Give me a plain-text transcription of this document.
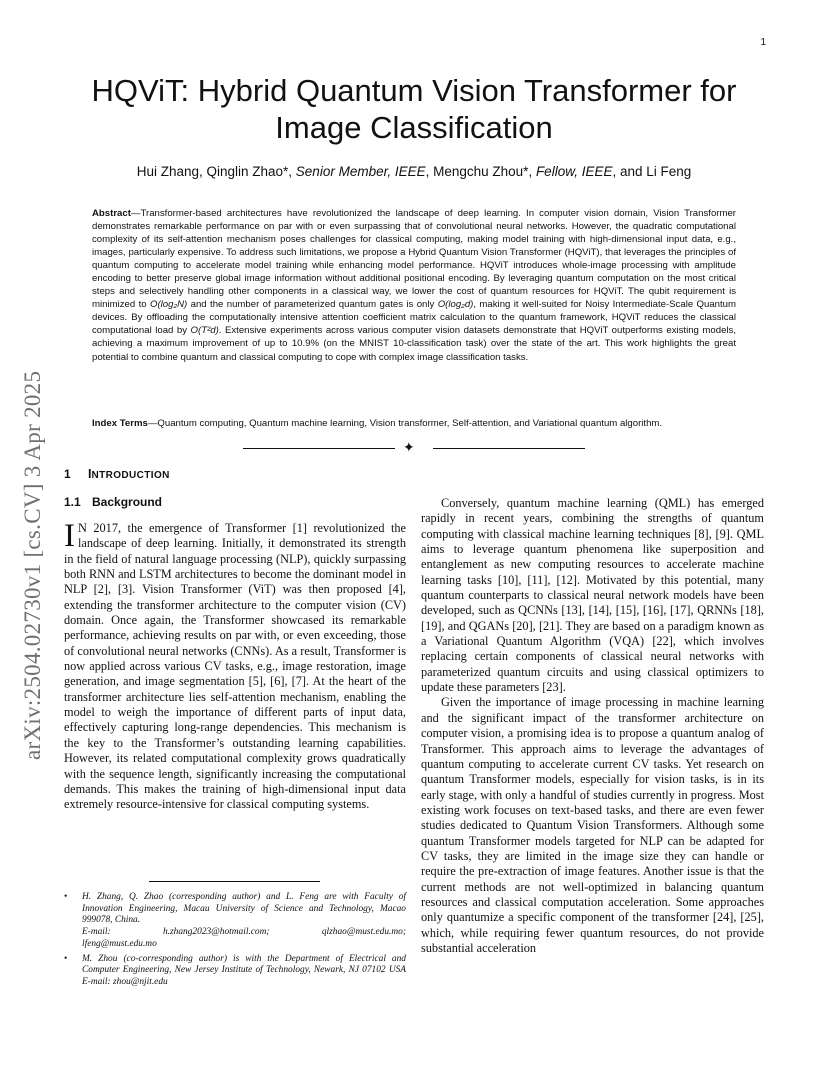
1
arXiv:2504.02730v1 [cs.CV] 3 Apr 2025
HQViT: Hybrid Quantum Vision Transformer for
Image Classification
Hui Zhang, Qinglin Zhao*, Senior Member, IEEE, Mengchu Zhou*, Fellow, IEEE, and Li Feng

Abstract—Transformer-based architectures have revolutionized the landscape of deep learning. In computer vision domain, Vision Transformer demonstrates remarkable performance on par with or even surpassing that of convolutional neural networks. However, the quadratic computational complexity of its self-attention mechanism poses challenges for classical computing, making model training with high-dimensional input data, e.g., images, particularly expensive. To address such limitations, we propose a Hybrid Quantum Vision Transformer (HQViT), that leverages the principles of quantum computing to accelerate model training while enhancing model performance. HQViT introduces whole-image processing with amplitude encoding to better preserve global image information without additional positional encoding. By leveraging quantum computation on the most critical steps and selectively handling other components in a classical way, we lower the cost of quantum resources for HQViT. The qubit requirement is minimized to O(log₂N) and the number of parameterized quantum gates is only O(log₂d), making it well-suited for Noisy Intermediate-Scale Quantum devices. By offloading the computationally intensive attention coefficient matrix calculation to the quantum framework, HQViT reduces the classical computational load by O(T²d). Extensive experiments across various computer vision datasets demonstrate that HQViT outperforms existing models, achieving a maximum improvement of up to 10.9% (on the MNIST 10-classification task) over the state of the art. This work highlights the great potential to combine quantum and classical computing to cope with complex image classification tasks.

Index Terms—Quantum computing, Quantum machine learning, Vision transformer, Self-attention, and Variational quantum algorithm.

✦
1 INTRODUCTION
1.1 Background

I N 2017, the emergence of Transformer [1] revolutionized the landscape of deep learning. Initially, it demonstrated its strength in the field of natural language processing (NLP), quickly surpassing both RNN and LSTM architectures to become the dominant model in NLP [2], [3]. Vision Transformer (ViT) was then proposed [4], extending the transformer architecture to the computer vision (CV) domain. Once again, the Transformer showcased its remarkable performance, achieving results on par with, or even exceeding, those of convolutional neural networks (CNNs). As a result, Transformer is now applied across various CV tasks, e.g., image restoration, image generation, and image segmentation [5], [6], [7]. At the heart of the transformer architecture lies self-attention mechanism, enabling the model to weigh the importance of different parts of input data, effectively capturing long-range dependencies. This mechanism is the key to the Transformer’s outstanding learning capabilities. However, its related computational complexity grows quadratically with the sequence length, significantly increasing the computational demands. This makes the training of high-dimensional input data extremely resource-intensive for classical computing systems.

• H. Zhang, Q. Zhao (corresponding author) and L. Feng are with Faculty of Innovation Engineering, Macau University of Science and Technology, Macao 999078, China.
E-mail:	h.zhang2023@hotmail.com;	qlzhao@must.edu.mo;
lfeng@must.edu.mo
• M. Zhou (co-corresponding author) is with the Department of Electrical and Computer Engineering, New Jersey Institute of Technology, Newark, NJ 07102 USA E-mail: zhou@njit.edu

Conversely, quantum machine learning (QML) has emerged rapidly in recent years, combining the strengths of quantum computing with classical machine learning techniques [8], [9]. QML aims to leverage quantum phenomena like superposition and entanglement as new computing resources to accelerate machine learning tasks [10], [11], [12]. Motivated by this potential, many quantum counterparts to classical neural network models have been developed, such as QCNNs [13], [14], [15], [16], [17], QRNNs [18], [19], and QGANs [20], [21]. They are based on a paradigm known as a Variational Quantum Algorithm (VQA) [22], which involves replacing certain components of classical neural networks with parameterized quantum circuits and using classical optimizers to update these parameters [23].

Given the importance of image processing in machine learning and the significant impact of the transformer architecture on computer vision, a promising idea is to propose a quantum analog of Transformer. This approach aims to leverage the advantages of quantum computing to accelerate current CV tasks. Yet research on quantum Transformer models, especially for vision tasks, is in its early stage, with only a handful of studies currently in progress. Most existing work focuses on text-based tasks, and there are even fewer studies dedicated to Quantum Vision Transformers. Although some quantum Transformer models targeted for NLP can be adapted for CV tasks, they are limited in the image size they can handle or require the pre-extraction of image features. Another issue is that the current methods are not well-optimized in balancing quantum resources and classical computation acceleration. Some approaches only quantumize a specific component of the transformer [24], [25], which, while requiring fewer quantum resources, do not provide substantial acceleration
